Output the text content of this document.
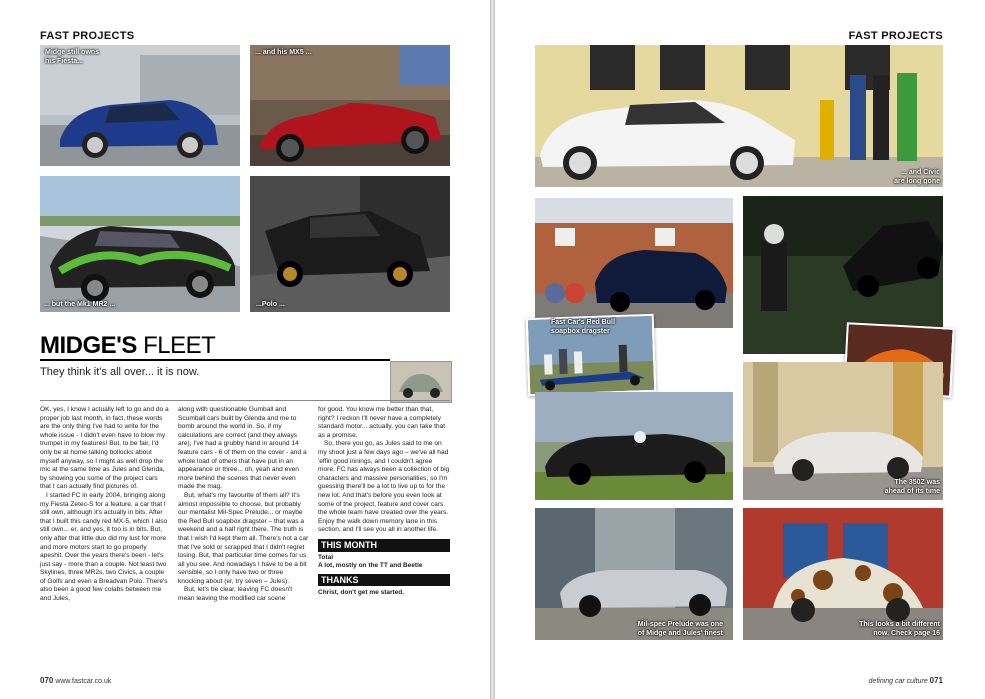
FAST PROJECTS
Midge still owns
his Fiesta...
... and his MX5 ...
... but the Mk1 MR2 ...	...Polo ...
MIDGE'S FLEET
They think it's all over... it is now.

OK, yes, I know I actually left to go and do a proper job last month, in fact, these words are the only thing I've had to write for the whole issue - I didn't even have to blow my trumpet in my features! But, to be fair, I'd only be at home talking bollocks about myself anyway, so I might as well drop the mic at the same time as Jules and Glenda, by showing you some of the project cars that I can actually find pictures of.

I started FC in early 2004, bringing along my Fiesta Zetec-S for a feature, a car that I still own, although it's actually in bits. After that I built this candy red MX-5, which I also still own... er, and yes, it too is in bits. But, only after that little duo did my lust for more and more motors start to go properly apeshit. Over the years there's been - let's just say - more than a couple. Not least two Skylines, three MR2s, two Civics, a couple of Golfs and even a Breadvan Polo. There's also been a good few colabs between me and Jules,

along with questionable Gumball and Scumball cars built by Glenda and me to bomb around the world in. So, if my calculations are correct (and they always are), I've had a grubby hand in around 14 feature cars - 6 of them on the cover - and a whole load of others that have put in an appearance or three... oh, yeah and even more behind the scenes that never even made the mag.

But, what's my favourite of them all? It's almost impossible to choose, but probably our mentalist Mil-Spec Prelude... or maybe the Red Bull soapbox dragster – that was a weekend and a half right there. The truth is that I wish I'd kept them all. There's not a car that I've sold or scrapped that I didn't regret losing. But, that particular time comes for us all you see. And nowadays I have to be a bit sensible, so I only have two or three knocking about (er, try seven – Jules).

But, let's be clear, leaving FC doesn't mean leaving the modified car scene

for good. You know me better than that, right? I reckon I'll never have a completely standard motor... actually, you can take that as a promise.

So, there you go, as Jules said to me on my shoot just a few days ago – we've all had 'effin good innings, and I couldn't agree more. FC has always been a collection of big characters and massive personalities, so I'm guessing there'll be a lot to live up to for the new lot. And that's before you even look at some of the project, feature and cover cars the whole team have created over the years. Enjoy the walk down memory lane in this section, and I'll see you all in another life.

THIS MONTH
Total
A lot, mostly on the TT and Beetle
THANKS
Christ, don't get me started.
070 www.fastcar.co.uk
FAST PROJECTS
... and Civic
are long gone
Fast Car's Red Bull
soapbox dragster
The 350Z was
ahead of its time
Mil-spec Prelude was one
of Midge and Jules' finest
This looks a bit different
now. Check page 16
defining car culture 071
